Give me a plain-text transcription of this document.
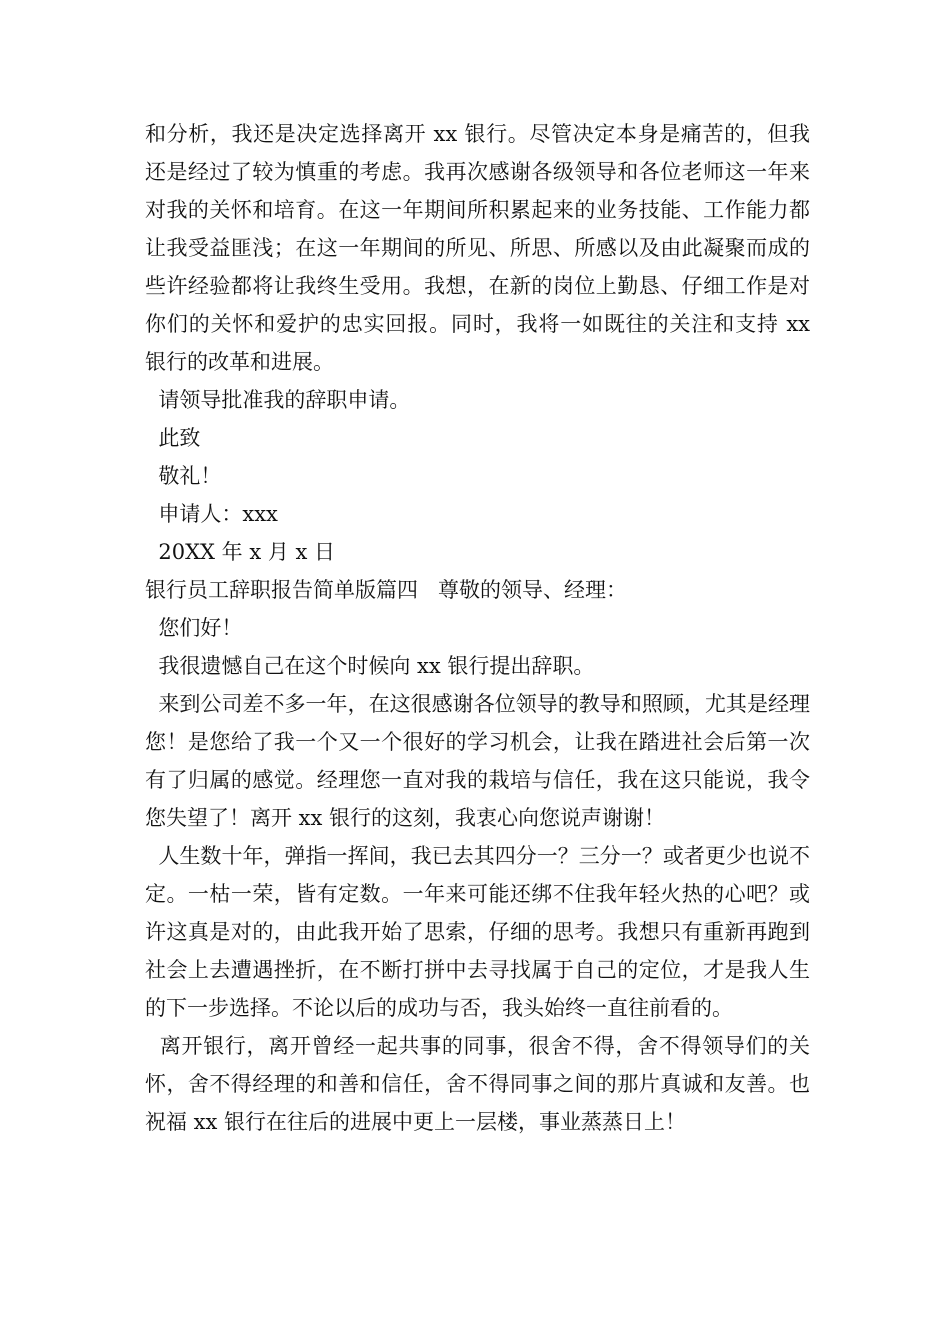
和分析，我还是决定选择离开 xx 银行。尽管决定本身是痛苦的，但我还是经过了较为慎重的考虑。我再次感谢各级领导和各位老师这一年来对我的关怀和培育。在这一年期间所积累起来的业务技能、工作能力都让我受益匪浅；在这一年期间的所见、所思、所感以及由此凝聚而成的些许经验都将让我终生受用。我想，在新的岗位上勤恳、仔细工作是对你们的关怀和爱护的忠实回报。同时，我将一如既往的关注和支持 xx 银行的改革和进展。

请领导批准我的辞职申请。

此致

敬礼！

申请人：xxx

20XX 年 x 月 x 日

银行员工辞职报告简单版篇四   尊敬的领导、经理：

您们好！

我很遗憾自己在这个时候向 xx 银行提出辞职。

来到公司差不多一年，在这很感谢各位领导的教导和照顾，尤其是经理您！是您给了我一个又一个很好的学习机会，让我在踏进社会后第一次有了归属的感觉。经理您一直对我的栽培与信任，我在这只能说，我令您失望了！离开 xx 银行的这刻，我衷心向您说声谢谢！

人生数十年，弹指一挥间，我已去其四分一？三分一？或者更少也说不定。一枯一荣，皆有定数。一年来可能还绑不住我年轻火热的心吧？或许这真是对的，由此我开始了思索，仔细的思考。我想只有重新再跑到社会上去遭遇挫折，在不断打拼中去寻找属于自己的定位，才是我人生的下一步选择。不论以后的成功与否，我头始终一直往前看的。

离开银行，离开曾经一起共事的同事，很舍不得，舍不得领导们的关怀，舍不得经理的和善和信任，舍不得同事之间的那片真诚和友善。也祝福 xx 银行在往后的进展中更上一层楼，事业蒸蒸日上！
